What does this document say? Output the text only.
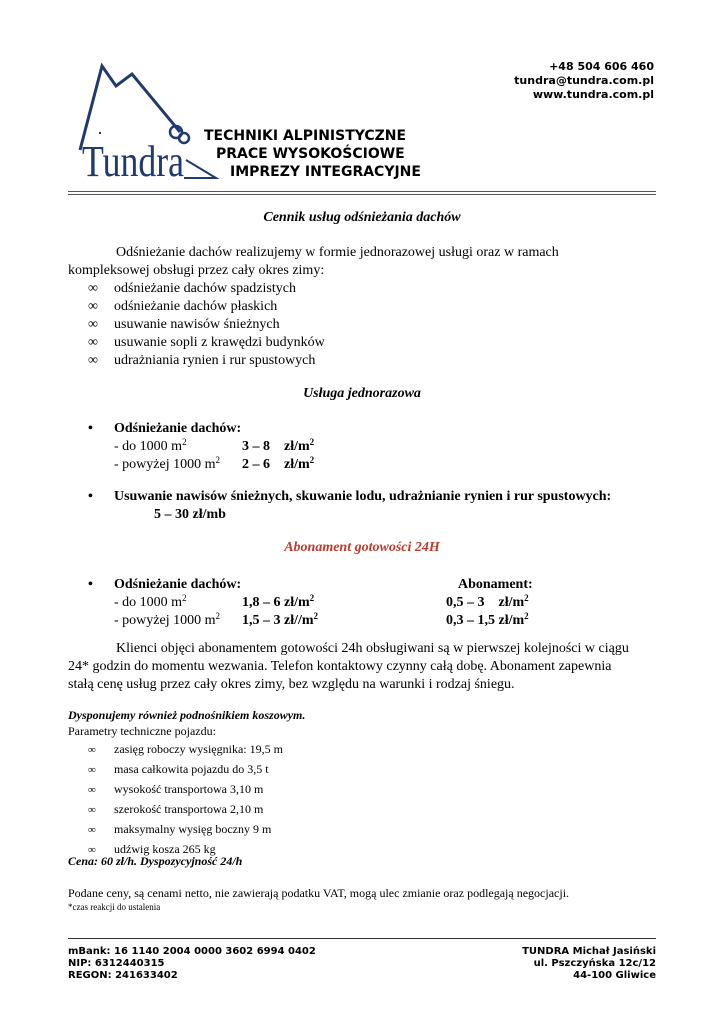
+48 504 606 460
tundra@tundra.com.pl
www.tundra.com.pl
Tundra
TECHNIKI ALPINISTYCZNE
PRACE WYSOKOŚCIOWE
IMPREZY INTEGRACYJNE
Cennik usług odśnieżania dachów
Odśnieżanie dachów realizujemy w formie jednorazowej usługi oraz w ramach
kompleksowej obsługi przez cały okres zimy:
∞ odśnieżanie dachów spadzistych
∞ odśnieżanie dachów płaskich
∞ usuwanie nawisów śnieżnych
∞ usuwanie sopli z krawędzi budynków
∞ udrażniania rynien i rur spustowych
Usługa jednorazowa
• Odśnieżanie dachów:
- do 1000 $m^2$	3 – 8 $zł/m^2$
- powyżej 1000 $m^2$ 2 – 6 $zł/m^2$
• Usuwanie nawisów śnieżnych, skuwanie lodu, udrażnianie rynien i rur spustowych:
5 – 30 zł/mb
Abonament gotowości 24H
• Odśnieżanie dachów:	Abonament:
- do 1000 $m^2$	1,8 – 6 $zł/m^2$	0,5 – 3 $zł/m^2$
- powyżej 1000 $m^2$ 1,5 – 3 $zł//m^2$	0,3 – 1,5 $zł/m^2$
Klienci objęci abonamentem gotowości 24h obsługiwani są w pierwszej kolejności w ciągu
24* godzin do momentu wezwania. Telefon kontaktowy czynny całą dobę. Abonament zapewnia
stałą cenę usług przez cały okres zimy, bez względu na warunki i rodzaj śniegu.
Dysponujemy również podnośnikiem koszowym.
Parametry techniczne pojazdu:
∞ zasięg roboczy wysięgnika: 19,5 m
∞ masa całkowita pojazdu do 3,5 t
∞ wysokość transportowa 3,10 m
∞ szerokość transportowa 2,10 m
∞ maksymalny wysięg boczny 9 m
∞ udźwig kosza 265 kg
Cena: 60 zł/h. Dyspozycyjność 24/h
Podane ceny, są cenami netto, nie zawierają podatku VAT, mogą ulec zmianie oraz podlegają negocjacji.
*czas reakcji do ustalenia
mBank: 16 1140 2004 0000 3602 6994 0402
NIP: 6312440315
REGON: 241633402
TUNDRA Michał Jasiński
ul. Pszczyńska 12c/12
44-100 Gliwice
